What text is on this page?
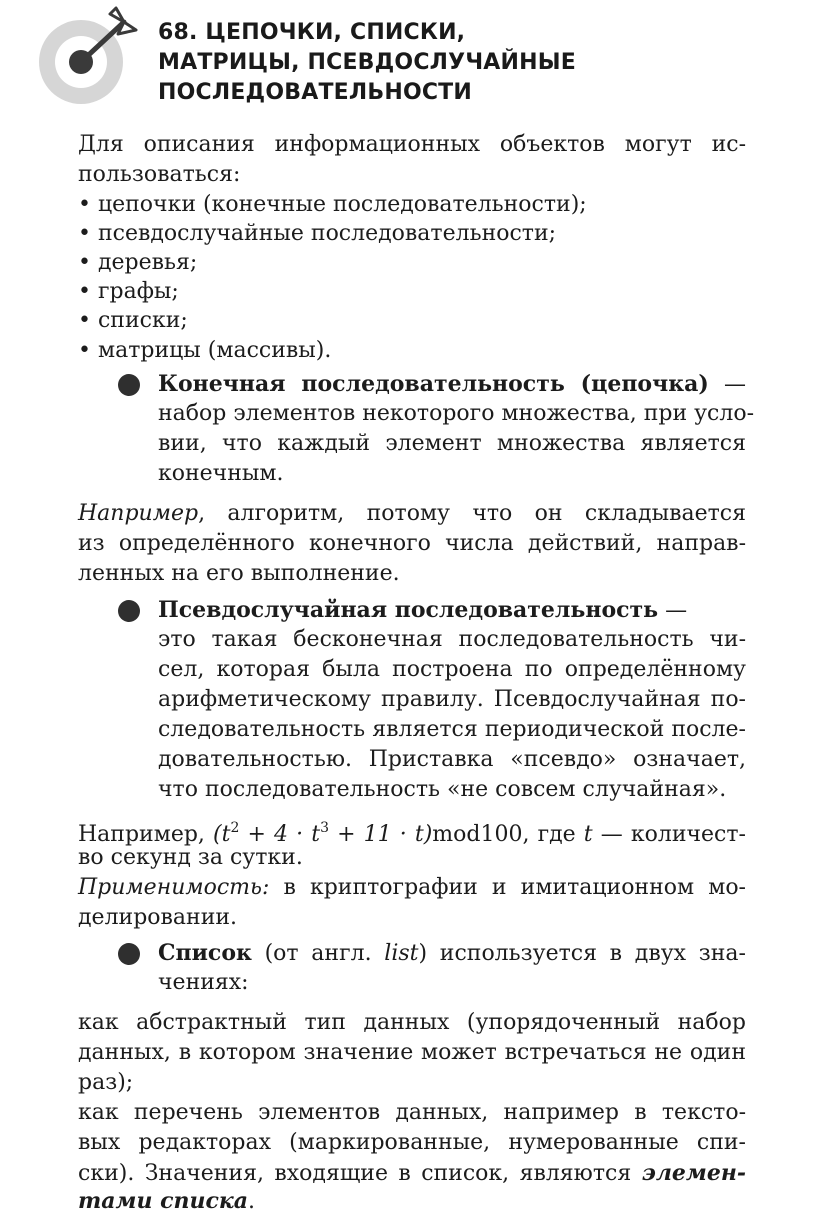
68. ЦЕПОЧКИ, СПИСКИ,
МАТРИЦЫ, ПСЕВДОСЛУЧАЙНЫЕ
ПОСЛЕДОВАТЕЛЬНОСТИ
Для описания информационных объектов могут ис-
пользоваться:
• цепочки (конечные последовательности);
• псевдослучайные последовательности;
• деревья;
• графы;
• списки;
• матрицы (массивы).
Конечная последовательность (цепочка) —
набор элементов некоторого множества, при усло-
вии, что каждый элемент множества является
конечным.
Например, алгоритм, потому что он складывается
из определённого конечного числа действий, направ-
ленных на его выполнение.
Псевдослучайная последовательность —
это такая бесконечная последовательность чи-
сел, которая была построена по определённому
арифметическому правилу. Псевдослучайная по-
следовательность является периодической после-
довательностью. Приставка «псевдо» означает,
что последовательность «не совсем случайная».
Например, $(t^2 + 4 \cdot t^3 + 11 \cdot t)mod100$, где t — количест-
во секунд за сутки.
Применимость: в криптографии и имитационном мо-
делировании.
Список (от англ. list) используется в двух зна-
чениях:
как абстрактный тип данных (упорядоченный набор
данных, в котором значение может встречаться не один
раз);
как перечень элементов данных, например в тексто-
вых редакторах (маркированные, нумерованные спи-
ски). Значения, входящие в список, являются элемен-
тами списка.
